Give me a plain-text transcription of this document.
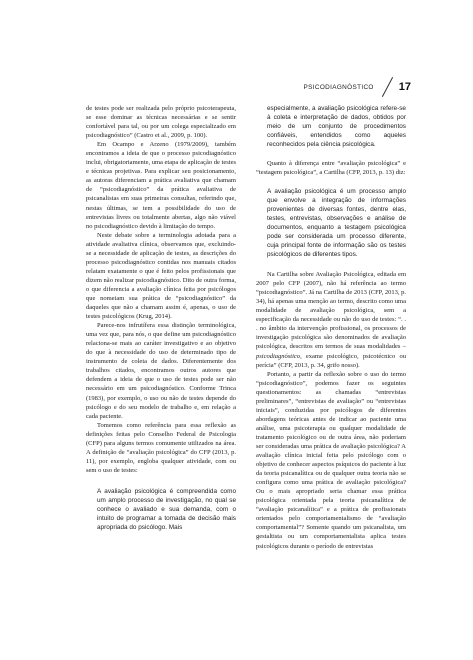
PSICODIAGNÓSTICO 17

de testes pode ser realizada pelo próprio psicoterapeuta, se esse dominar as técnicas necessárias e se sentir confortável para tal, ou por um colega especializado em psicodiagnóstico” (Castro et al., 2009, p. 100).

Em Ocampo e Arzeno (1979/2009), também encontramos a ideia de que o processo psicodiagnóstico inclui, obrigatoriamente, uma etapa de aplicação de testes e técnicas projetivas. Para explicar seu posicionamento, as autoras diferenciam a prática avaliativa que chamam de “psicodiagnóstico” da prática avaliativa de psicanalistas em suas primeiras consultas, referindo que, nestas últimas, se tem a possibilidade do uso de entrevistas livres ou totalmente abertas, algo não viável no psicodiagnóstico devido à limitação do tempo.

Neste debate sobre a terminologia adotada para a atividade avaliativa clínica, observamos que, excluindo-se a necessidade de aplicação de testes, as descrições do processo psicodiagnóstico contidas nos manuais citados relatam exatamente o que é feito pelos profissionais que dizem não realizar psicodiagnóstico. Dito de outra forma, o que diferencia a avaliação clínica feita por psicólogos que nomeiam sua prática de “psicodiagnóstico” da daqueles que não a chamam assim é, apenas, o uso de testes psicológicos (Krug, 2014).

Parece-nos infrutífera essa distinção terminológica, uma vez que, para nós, o que define um psicodiagnóstico relaciona-se mais ao caráter investigativo e ao objetivo do que à necessidade do uso de determinado tipo de instrumento de coleta de dados. Diferentemente dos trabalhos citados, encontramos outros autores que defendem a ideia de que o uso de testes pode ser não necessário em um psicodiagnóstico. Conforme Trinca (1983), por exemplo, o uso ou não de testes depende do psicólogo e do seu modelo de trabalho e, em relação a cada paciente.

Tomemos como referência para essa reflexão as definições feitas pelo Conselho Federal de Psicologia (CFP) para alguns termos comumente utilizados na área. A definição de “avaliação psicológica” do CFP (2013, p. 11), por exemplo, engloba qualquer atividade, com ou sem o uso de testes:

A avaliação psicológica é compreendida como um amplo processo de investigação, no qual se conhece o avaliado e sua demanda, com o intuito de programar a tomada de decisão mais apropriada do psicólogo. Mais
especialmente, a avaliação psicológica refere-se à coleta e interpretação de dados, obtidos por meio de um conjunto de procedimentos confiáveis, entendidos como aqueles reconhecidos pela ciência psicológica.

Quanto à diferença entre “avaliação psicológica” e “testagem psicológica”, a Cartilha (CFP, 2013, p. 13) diz:

A avaliação psicológica é um processo amplo que envolve a integração de informações provenientes de diversas fontes, dentre elas, testes, entrevistas, observações e análise de documentos, enquanto a testagem psicológica pode ser considerada um processo diferente, cuja principal fonte de informação são os testes psicológicos de diferentes tipos.

Na Cartilha sobre Avaliação Psicológica, editada em 2007 pelo CFP (2007), não há referência ao termo “psicodiagnóstico”. Já na Cartilha de 2013 (CFP, 2013, p. 34), há apenas uma menção ao termo, descrito como uma modalidade de avaliação psicológica, sem a especificação da necessidade ou não do uso de testes: “. . . no âmbito da intervenção profissional, os processos de investigação psicológica são denominados de avaliação psicológica, descritos em termos de suas modalidades – psicodiagnóstico, exame psicológico, psicotécnico ou perícia” (CFP, 2013, p. 34, grifo nosso).

Portanto, a partir da reflexão sobre o uso do termo “psicodiagnóstico”, podemos fazer os seguintes questionamentos: as chamadas “entrevistas preliminares”, “entrevistas de avaliação” ou “entrevistas iniciais”, conduzidas por psicólogos de diferentes abordagens teóricas antes de indicar ao paciente uma análise, uma psicoterapia ou qualquer modalidade de tratamento psicológico ou de outra área, não poderiam ser consideradas uma prática de avaliação psicológica? A avaliação clínica inicial feita pelo psicólogo com o objetivo de conhecer aspectos psíquicos do paciente à luz da teoria psicanalítica ou de qualquer outra teoria não se configura como uma prática de avaliação psicológica? Ou o mais apropriado seria chamar essa prática psicológica orientada pela teoria psicanalítica de “avaliação psicanalítica” e a prática de profissionais orientados pelo comportamentalismo de “avaliação comportamental”? Somente quando um psicanalista, um gestaltista ou um comportamentalista aplica testes psicológicos durante o período de entrevistas
